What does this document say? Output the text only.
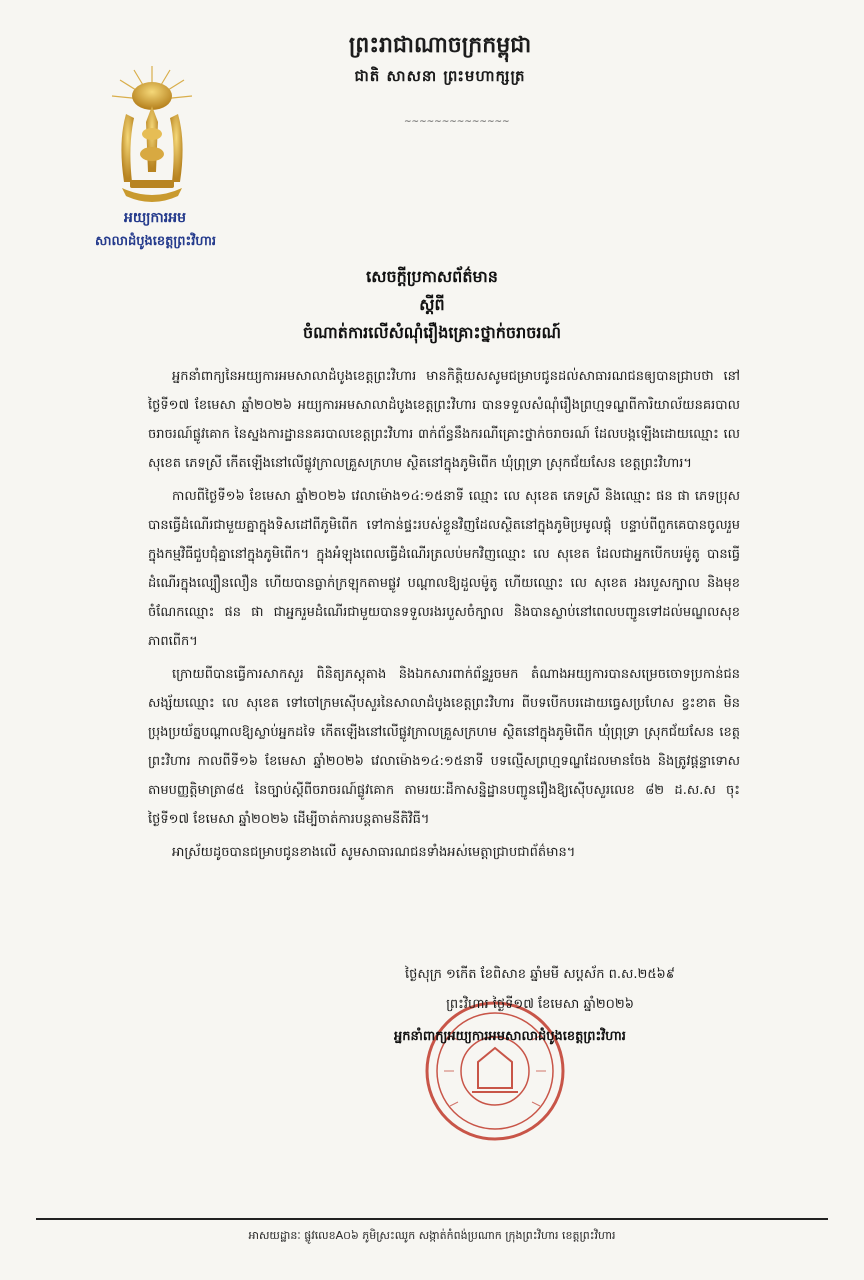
ព្រះរាជាណាចក្រកម្ពុជា
ជាតិ សាសនា ព្រះមហាក្សត្រ
~~~~~~~~~~~~~~
អយ្យការអម
សាលាដំបូងខេត្តព្រះវិហារ
សេចក្តីប្រកាសព័ត៌មាន
ស្តីពី
ចំណាត់ការលើសំណុំរឿងគ្រោះថ្នាក់ចរាចរណ៍

អ្នកនាំពាក្យនៃអយ្យការអមសាលាដំបូងខេត្តព្រះវិហារ មានកិត្តិយសសូមជម្រាបជូនដល់សាធារណជនឲ្យបានជ្រាបថា នៅថ្ងៃទី១៧ ខែមេសា ឆ្នាំ២០២៦ អយ្យការអមសាលាដំបូងខេត្តព្រះវិហារ បានទទួលសំណុំរឿងព្រហ្មទណ្ឌពីការិយាល័យនគរបាលចរាចរណ៍ផ្លូវគោក នៃស្នងការដ្ឋាននគរបាលខេត្តព្រះវិហារ ៣ក់ព័ន្ធនឹងករណីគ្រោះថ្នាក់ចរាចរណ៍ ដែលបង្កឡើងដោយឈ្មោះ លេ សុខេត ភេទស្រី កើតឡើងនៅលើផ្លូវក្រាលគ្រួសក្រហម ស្ថិតនៅក្នុងភូមិពើក ឃុំព្រុទ្រា ស្រុកជ័យសែន ខេត្តព្រះវិហារ។

កាលពីថ្ងៃទី១៦ ខែមេសា ឆ្នាំ២០២៦ វេលាម៉ោង១៤:១៥នាទី ឈ្មោះ លេ សុខេត ភេទស្រី និងឈ្មោះ ផន ផា ភេទប្រុស បានធ្វើដំណើរជាមួយគ្នាក្នុងទិសដៅពីភូមិពើក ទៅកាន់ផ្ទះរបស់ខ្លួនវិញដែលស្ថិតនៅក្នុងភូមិប្រមូលផ្តុំ បន្ទាប់ពីពួកគេបានចូលរួមក្នុងកម្មវិធីជួបជុំគ្នានៅក្នុងភូមិពើក។ ក្នុងអំឡុងពេលធ្វើដំណើរត្រលប់មកវិញឈ្មោះ លេ សុខេត ដែលជាអ្នកបើកបរម៉ូតូ បានធ្វើដំណើរក្នុងល្បឿនលឿន ហើយបានធ្លាក់ក្រឡុកតាមផ្លូវ បណ្តាលឱ្យដួលម៉ូតូ ហើយឈ្មោះ លេ សុខេត រងរបួសក្បាល និងមុខ ចំណែកឈ្មោះ ផន ផា ជាអ្នករួមដំណើរជាមួយបានទទួលរងរបួសចំក្បាល និងបានស្លាប់នៅពេលបញ្ជូនទៅដល់មណ្ឌលសុខភាពពើក។

ក្រោយពីបានធ្វើការសាកសួរ ពិនិត្យភស្តុតាង និងឯកសារពាក់ព័ន្ធរួចមក តំណាងអយ្យការបានសម្រេចចោទប្រកាន់ជនសង្ស័យឈ្មោះ លេ សុខេត ទៅចៅក្រមស៊ើបសួរនៃសាលាដំបូងខេត្តព្រះវិហារ ពីបទបើកបរដោយធ្វេសប្រហែស ខ្វះខាត មិនប្រុងប្រយ័ត្នបណ្តាលឱ្យស្លាប់អ្នកដទៃ កើតឡើងនៅលើផ្លូវក្រាលគ្រួសក្រហម ស្ថិតនៅក្នុងភូមិពើក ឃុំព្រុទ្រា ស្រុកជ័យសែន ខេត្តព្រះវិហារ កាលពីទី១៦ ខែមេសា ឆ្នាំ២០២៦ វេលាម៉ោង១៤:១៥នាទី បទល្មើសព្រហ្មទណ្ឌដែលមានចែង និងត្រូវផ្តន្ទាទោសតាមបញ្ញត្តិមាត្រា៨៥ នៃច្បាប់ស្តីពីចរាចរណ៍ផ្លូវគោក តាមរយៈដីកាសន្និដ្ឋានបញ្ជូនរឿងឱ្យស៊ើបសួរលេខ ៨២ ដ.ស.ស ចុះថ្ងៃទី១៧ ខែមេសា ឆ្នាំ២០២៦ ដើម្បីចាត់ការបន្តតាមនីតិវិធី។

អាស្រ័យដូចបានជម្រាបជូនខាងលើ សូមសាធារណជនទាំងអស់មេត្តាជ្រាបជាព័ត៌មាន។

ថ្ងៃសុក្រ ១កើត ខែពិសាខ ឆ្នាំមមី សប្តស័ក ព.ស.២៥៦៩
ព្រះវិហារ ថ្ងៃទី១៧ ខែមេសា ឆ្នាំ២០២៦
អ្នកនាំពាក្យអយ្យការអមសាលាដំបូងខេត្តព្រះវិហារ
អាសយដ្ឋានៈ ផ្លូវលេខA០៦ ភូមិស្រះឈូក សង្កាត់កំពង់ប្រណាក ក្រុងព្រះវិហារ ខេត្តព្រះវិហារ
